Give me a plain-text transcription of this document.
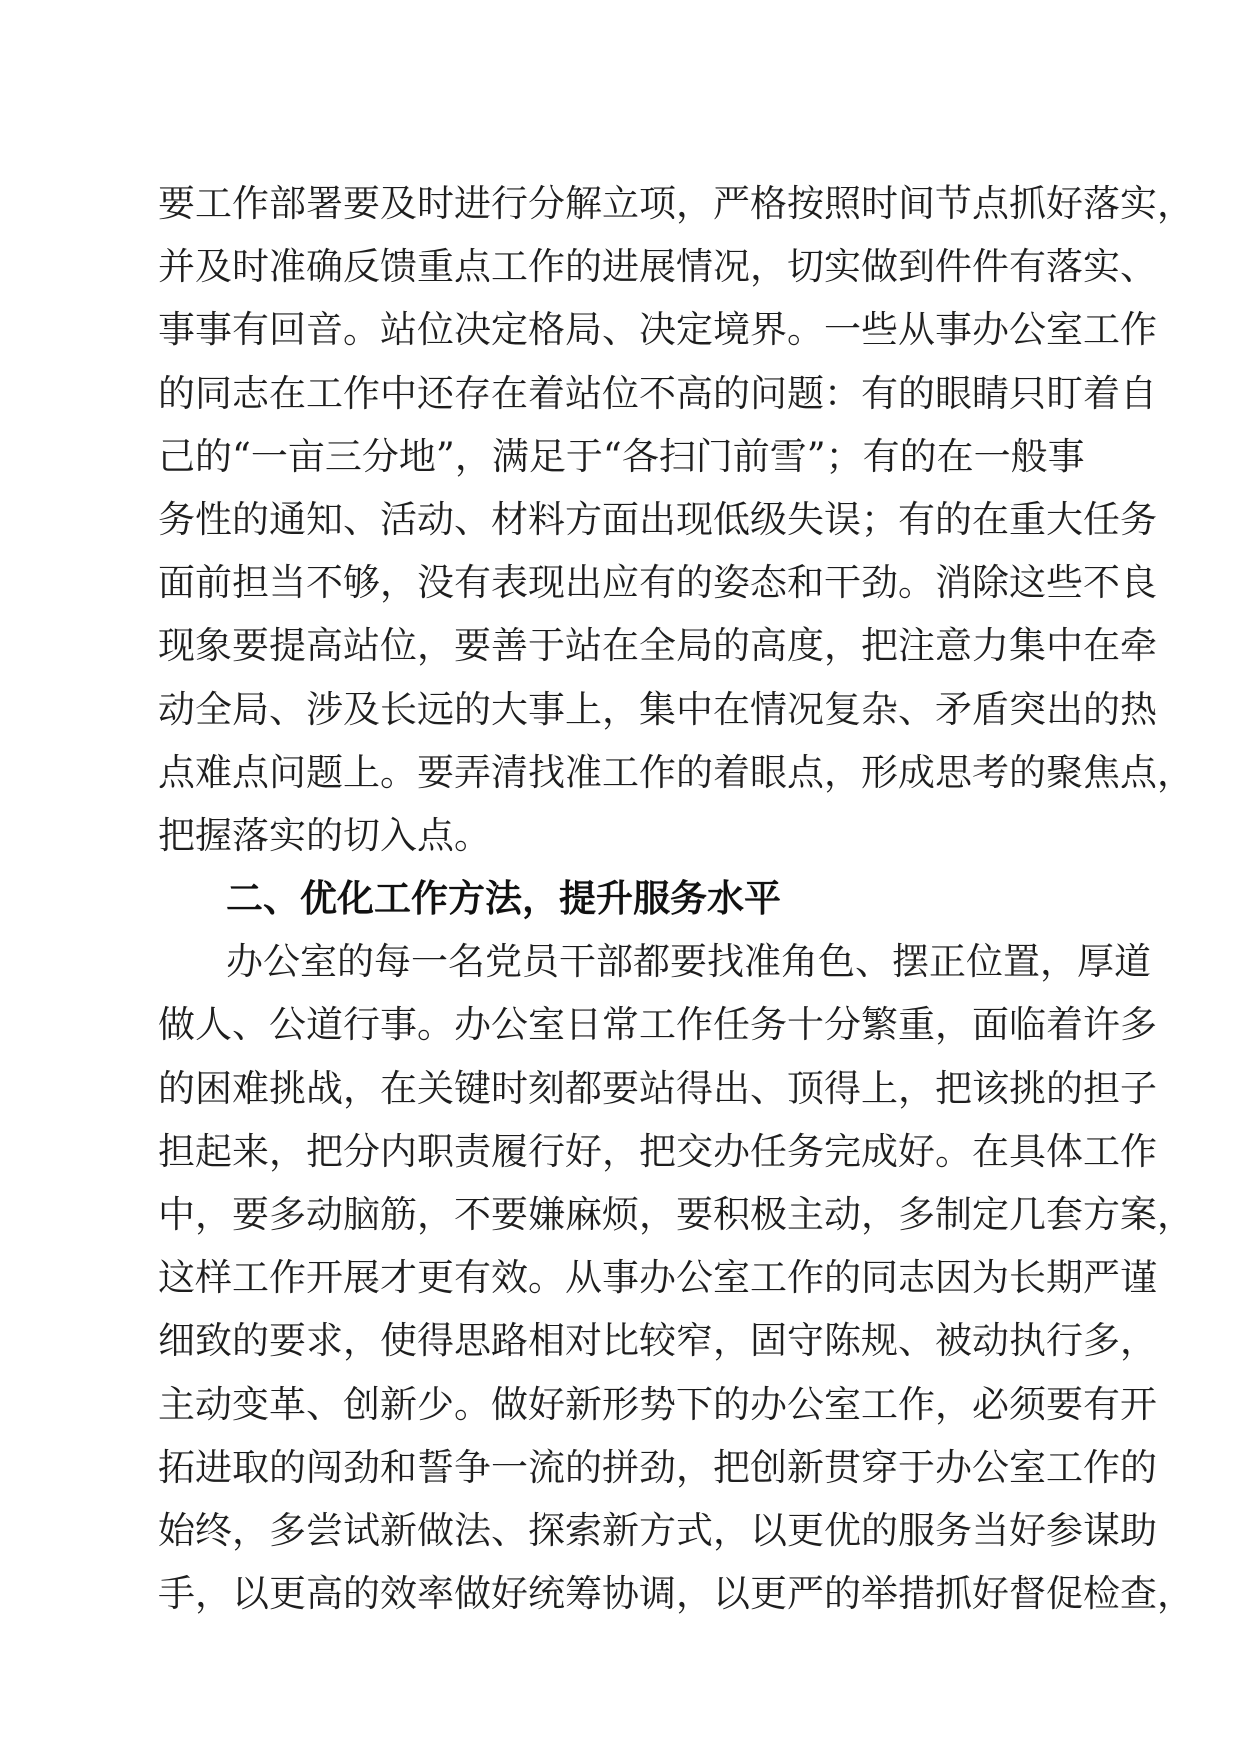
要工作部署要及时进行分解立项，严格按照时间节点抓好落实，
并及时准确反馈重点工作的进展情况，切实做到件件有落实、
事事有回音。站位决定格局、决定境界。一些从事办公室工作
的同志在工作中还存在着站位不高的问题：有的眼睛只盯着自
己的“一亩三分地”，满足于“各扫门前雪”；有的在一般事
务性的通知、活动、材料方面出现低级失误；有的在重大任务
面前担当不够，没有表现出应有的姿态和干劲。消除这些不良
现象要提高站位，要善于站在全局的高度，把注意力集中在牵
动全局、涉及长远的大事上，集中在情况复杂、矛盾突出的热
点难点问题上。要弄清找准工作的着眼点，形成思考的聚焦点，
把握落实的切入点。
二、优化工作方法，提升服务水平
办公室的每一名党员干部都要找准角色、摆正位置，厚道
做人、公道行事。办公室日常工作任务十分繁重，面临着许多
的困难挑战，在关键时刻都要站得出、顶得上，把该挑的担子
担起来，把分内职责履行好，把交办任务完成好。在具体工作
中，要多动脑筋，不要嫌麻烦，要积极主动，多制定几套方案，
这样工作开展才更有效。从事办公室工作的同志因为长期严谨
细致的要求，使得思路相对比较窄，固守陈规、被动执行多，
主动变革、创新少。做好新形势下的办公室工作，必须要有开
拓进取的闯劲和誓争一流的拼劲，把创新贯穿于办公室工作的
始终，多尝试新做法、探索新方式，以更优的服务当好参谋助
手，以更高的效率做好统筹协调，以更严的举措抓好督促检查，
